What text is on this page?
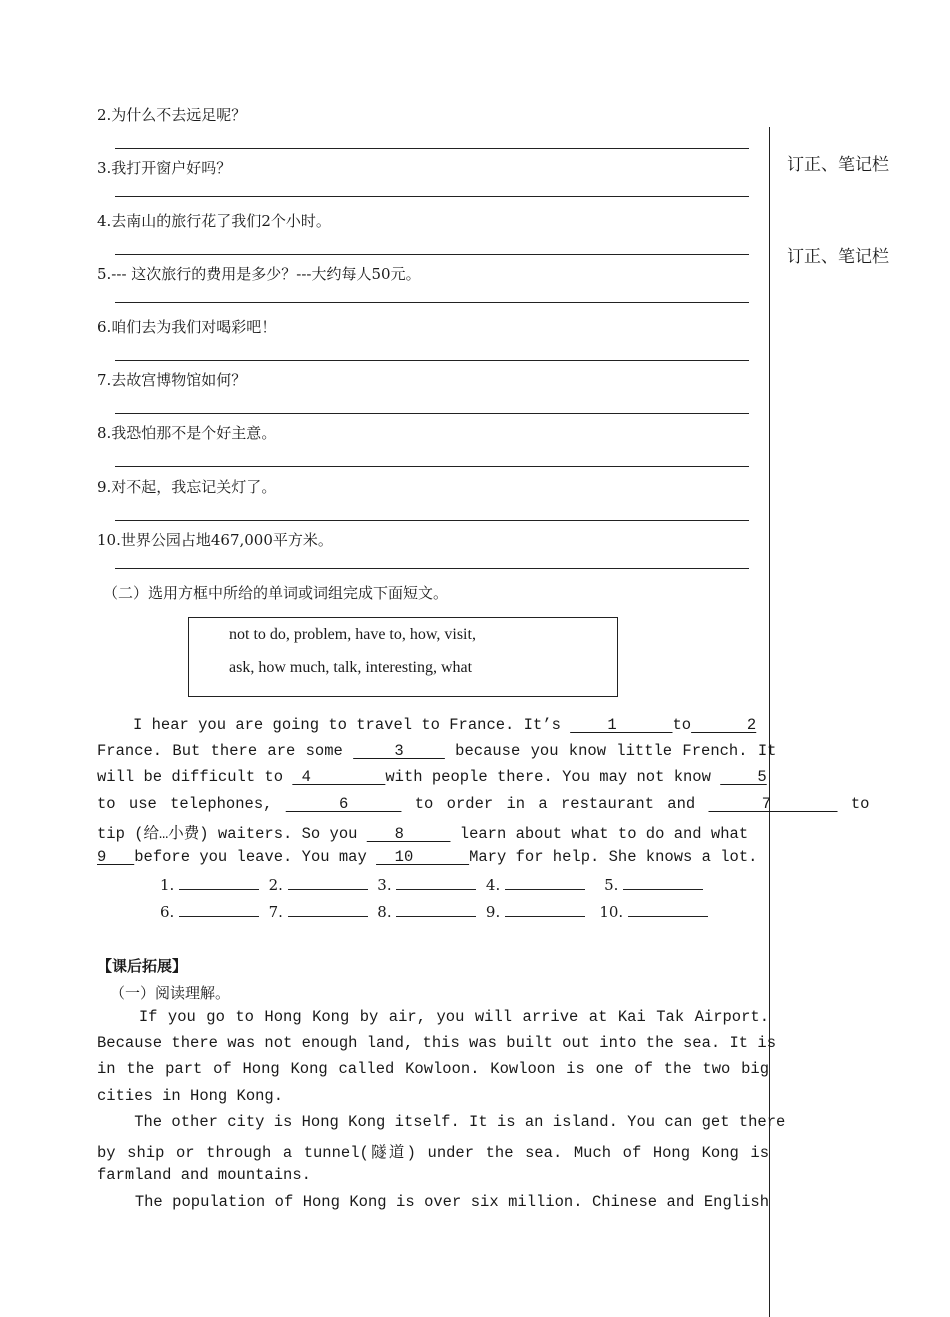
订正、笔记栏
订正、笔记栏
2.为什么不去远足呢？
3.我打开窗户好吗？
4.去南山的旅行花了我们2个小时。
5.--- 这次旅行的费用是多少？---大约每人50元。
6.咱们去为我们对喝彩吧！
7.去故宫博物馆如何？
8.我恐怕那不是个好主意。
9.对不起，我忘记关灯了。
10.世界公园占地467,000平方米。
（二）选用方框中所给的单词或词组完成下面短文。
not to do, problem, have to, how, visit,
ask, how much, talk, interesting, what
I hear you are going to travel to France. It’s     1      to      2
France. But there are some     3     because you know little French. It
will be difficult to  4        with people there. You may not know     5
to use telephones,     6     to order in a restaurant and     7      to
tip (给…小费) waiters. So you    8      learn about what to do and what
9   before you leave. You may   10      Mary for help. She knows a lot.
1.	2.	3.	4.	5.
6.	7.	8.	9.	10.
【课后拓展】
（一）阅读理解。
If you go to Hong Kong by air, you will arrive at Kai Tak Airport.
Because there was not enough land, this was built out into the sea. It is
in the part of Hong Kong called Kowloon. Kowloon is one of the two big
cities in Hong Kong.
The other city is Hong Kong itself. It is an island. You can get there
by ship or through a tunnel(隧道) under the sea. Much of Hong Kong is
farmland and mountains.
The population of Hong Kong is over six million. Chinese and English
